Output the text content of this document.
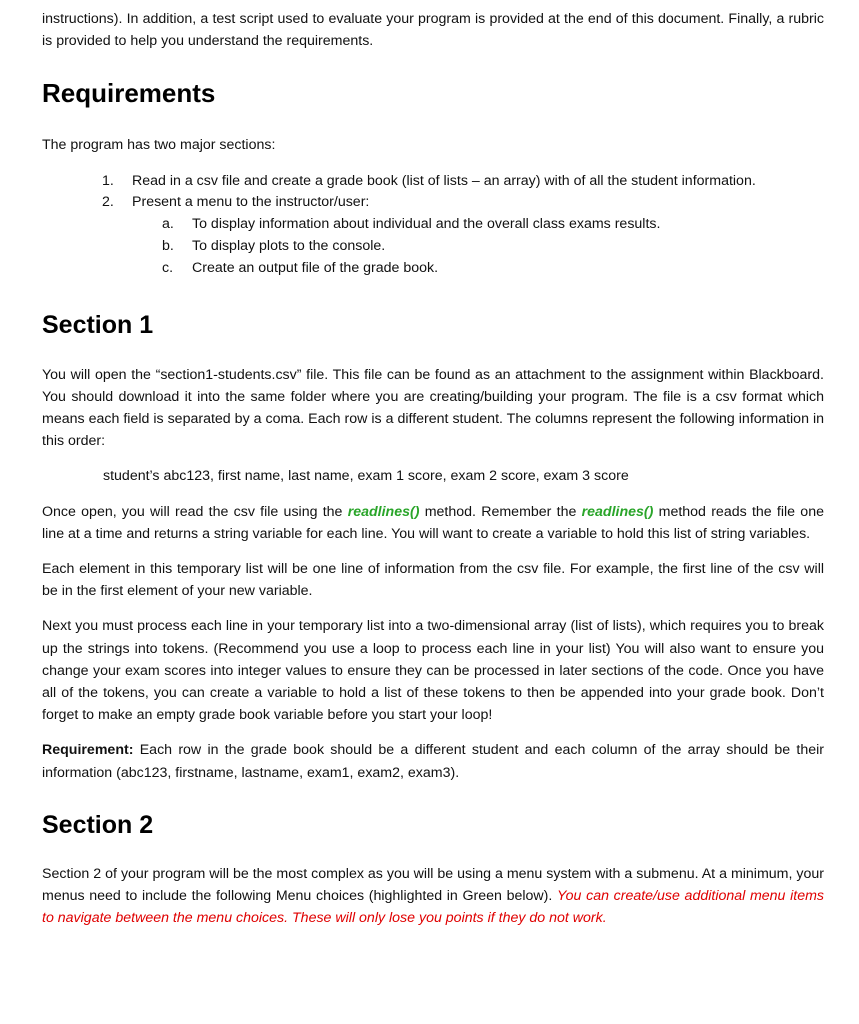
instructions). In addition, a test script used to evaluate your program is provided at the end of this document. Finally, a rubric is provided to help you understand the requirements.

Requirements

The program has two major sections:

1. Read in a csv file and create a grade book (list of lists – an array) with of all the student information.
2. Present a menu to the instructor/user:
a. To display information about individual and the overall class exams results.
b. To display plots to the console.
c. Create an output file of the grade book.
Section 1

You will open the “section1-students.csv” file. This file can be found as an attachment to the assignment within Blackboard. You should download it into the same folder where you are creating/building your program. The file is a csv format which means each field is separated by a coma. Each row is a different student. The columns represent the following information in this order:

student’s abc123, first name, last name, exam 1 score, exam 2 score, exam 3 score

Once open, you will read the csv file using the readlines() method. Remember the readlines() method reads the file one line at a time and returns a string variable for each line. You will want to create a variable to hold this list of string variables.

Each element in this temporary list will be one line of information from the csv file. For example, the first line of the csv will be in the first element of your new variable.

Next you must process each line in your temporary list into a two-dimensional array (list of lists), which requires you to break up the strings into tokens. (Recommend you use a loop to process each line in your list) You will also want to ensure you change your exam scores into integer values to ensure they can be processed in later sections of the code. Once you have all of the tokens, you can create a variable to hold a list of these tokens to then be appended into your grade book. Don’t forget to make an empty grade book variable before you start your loop!

Requirement: Each row in the grade book should be a different student and each column of the array should be their information (abc123, firstname, lastname, exam1, exam2, exam3).

Section 2

Section 2 of your program will be the most complex as you will be using a menu system with a submenu. At a minimum, your menus need to include the following Menu choices (highlighted in Green below). You can create/use additional menu items to navigate between the menu choices. These will only lose you points if they do not work.
